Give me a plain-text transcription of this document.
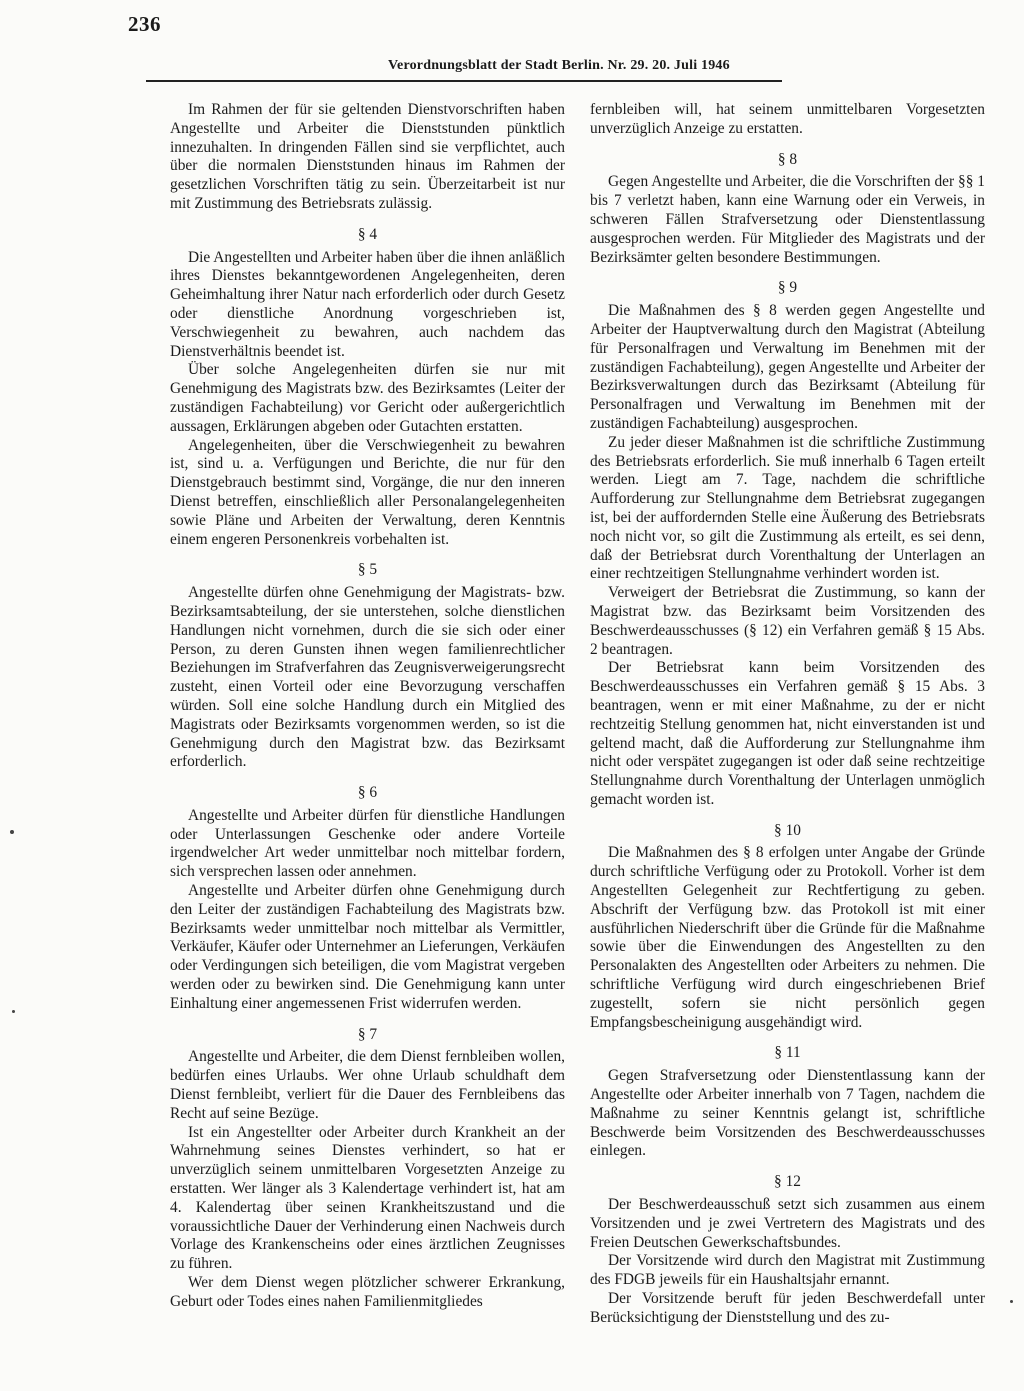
236
Verordnungsblatt der Stadt Berlin. Nr. 29. 20. Juli 1946

Im Rahmen der für sie geltenden Dienstvorschriften haben Angestellte und Arbeiter die Dienststunden pünktlich innezuhalten. In dringenden Fällen sind sie verpflichtet, auch über die normalen Dienststunden hinaus im Rahmen der gesetzlichen Vorschriften tätig zu sein. Überzeitarbeit ist nur mit Zustimmung des Betriebsrats zulässig.

§ 4

Die Angestellten und Arbeiter haben über die ihnen anläßlich ihres Dienstes bekanntgewordenen Angelegenheiten, deren Geheimhaltung ihrer Natur nach erforderlich oder durch Gesetz oder dienstliche Anordnung vorgeschrieben ist, Verschwiegenheit zu bewahren, auch nachdem das Dienstverhältnis beendet ist.

Über solche Angelegenheiten dürfen sie nur mit Genehmigung des Magistrats bzw. des Bezirksamtes (Leiter der zuständigen Fachabteilung) vor Gericht oder außergerichtlich aussagen, Erklärungen abgeben oder Gutachten erstatten.

Angelegenheiten, über die Verschwiegenheit zu bewahren ist, sind u. a. Verfügungen und Berichte, die nur für den Dienstgebrauch bestimmt sind, Vorgänge, die nur den inneren Dienst betreffen, einschließlich aller Personalangelegenheiten sowie Pläne und Arbeiten der Verwaltung, deren Kenntnis einem engeren Personenkreis vorbehalten ist.

§ 5

Angestellte dürfen ohne Genehmigung der Magistrats- bzw. Bezirksamtsabteilung, der sie unterstehen, solche dienstlichen Handlungen nicht vornehmen, durch die sie sich oder einer Person, zu deren Gunsten ihnen wegen familienrechtlicher Beziehungen im Strafverfahren das Zeugnisverweigerungsrecht zusteht, einen Vorteil oder eine Bevorzugung verschaffen würden. Soll eine solche Handlung durch ein Mitglied des Magistrats oder Bezirksamts vorgenommen werden, so ist die Genehmigung durch den Magistrat bzw. das Bezirksamt erforderlich.

§ 6

Angestellte und Arbeiter dürfen für dienstliche Handlungen oder Unterlassungen Geschenke oder andere Vorteile irgendwelcher Art weder unmittelbar noch mittelbar fordern, sich versprechen lassen oder annehmen.

Angestellte und Arbeiter dürfen ohne Genehmigung durch den Leiter der zuständigen Fachabteilung des Magistrats bzw. Bezirksamts weder unmittelbar noch mittelbar als Vermittler, Verkäufer, Käufer oder Unternehmer an Lieferungen, Verkäufen oder Verdingungen sich beteiligen, die vom Magistrat vergeben werden oder zu bewirken sind. Die Genehmigung kann unter Einhaltung einer angemessenen Frist widerrufen werden.

§ 7

Angestellte und Arbeiter, die dem Dienst fernbleiben wollen, bedürfen eines Urlaubs. Wer ohne Urlaub schuldhaft dem Dienst fernbleibt, verliert für die Dauer des Fernbleibens das Recht auf seine Bezüge.

Ist ein Angestellter oder Arbeiter durch Krankheit an der Wahrnehmung seines Dienstes verhindert, so hat er unverzüglich seinem unmittelbaren Vorgesetzten Anzeige zu erstatten. Wer länger als 3 Kalendertage verhindert ist, hat am 4. Kalendertag über seinen Krankheitszustand und die voraussichtliche Dauer der Verhinderung einen Nachweis durch Vorlage des Krankenscheins oder eines ärztlichen Zeugnisses zu führen.

Wer dem Dienst wegen plötzlicher schwerer Erkrankung, Geburt oder Todes eines nahen Familienmitgliedes

fernbleiben will, hat seinem unmittelbaren Vorgesetzten unverzüglich Anzeige zu erstatten.

§ 8

Gegen Angestellte und Arbeiter, die die Vorschriften der §§ 1 bis 7 verletzt haben, kann eine Warnung oder ein Verweis, in schweren Fällen Strafversetzung oder Dienstentlassung ausgesprochen werden. Für Mitglieder des Magistrats und der Bezirksämter gelten besondere Bestimmungen.

§ 9

Die Maßnahmen des § 8 werden gegen Angestellte und Arbeiter der Hauptverwaltung durch den Magistrat (Abteilung für Personalfragen und Verwaltung im Benehmen mit der zuständigen Fachabteilung), gegen Angestellte und Arbeiter der Bezirksverwaltungen durch das Bezirksamt (Abteilung für Personalfragen und Verwaltung im Benehmen mit der zuständigen Fachabteilung) ausgesprochen.

Zu jeder dieser Maßnahmen ist die schriftliche Zustimmung des Betriebsrats erforderlich. Sie muß innerhalb 6 Tagen erteilt werden. Liegt am 7. Tage, nachdem die schriftliche Aufforderung zur Stellungnahme dem Betriebsrat zugegangen ist, bei der auffordernden Stelle eine Äußerung des Betriebsrats noch nicht vor, so gilt die Zustimmung als erteilt, es sei denn, daß der Betriebsrat durch Vorenthaltung der Unterlagen an einer rechtzeitigen Stellungnahme verhindert worden ist.

Verweigert der Betriebsrat die Zustimmung, so kann der Magistrat bzw. das Bezirksamt beim Vorsitzenden des Beschwerdeausschusses (§ 12) ein Verfahren gemäß § 15 Abs. 2 beantragen.

Der Betriebsrat kann beim Vorsitzenden des Beschwerdeausschusses ein Verfahren gemäß § 15 Abs. 3 beantragen, wenn er mit einer Maßnahme, zu der er nicht rechtzeitig Stellung genommen hat, nicht einverstanden ist und geltend macht, daß die Aufforderung zur Stellungnahme ihm nicht oder verspätet zugegangen ist oder daß seine rechtzeitige Stellungnahme durch Vorenthaltung der Unterlagen unmöglich gemacht worden ist.

§ 10

Die Maßnahmen des § 8 erfolgen unter Angabe der Gründe durch schriftliche Verfügung oder zu Protokoll. Vorher ist dem Angestellten Gelegenheit zur Rechtfertigung zu geben. Abschrift der Verfügung bzw. das Protokoll ist mit einer ausführlichen Niederschrift über die Gründe für die Maßnahme sowie über die Einwendungen des Angestellten zu den Personalakten des Angestellten oder Arbeiters zu nehmen. Die schriftliche Verfügung wird durch eingeschriebenen Brief zugestellt, sofern sie nicht persönlich gegen Empfangsbescheinigung ausgehändigt wird.

§ 11

Gegen Strafversetzung oder Dienstentlassung kann der Angestellte oder Arbeiter innerhalb von 7 Tagen, nachdem die Maßnahme zu seiner Kenntnis gelangt ist, schriftliche Beschwerde beim Vorsitzenden des Beschwerdeausschusses einlegen.

§ 12

Der Beschwerdeausschuß setzt sich zusammen aus einem Vorsitzenden und je zwei Vertretern des Magistrats und des Freien Deutschen Gewerkschaftsbundes.

Der Vorsitzende wird durch den Magistrat mit Zustimmung des FDGB jeweils für ein Haushaltsjahr ernannt.

Der Vorsitzende beruft für jeden Beschwerdefall unter Berücksichtigung der Dienststellung und des zu-
